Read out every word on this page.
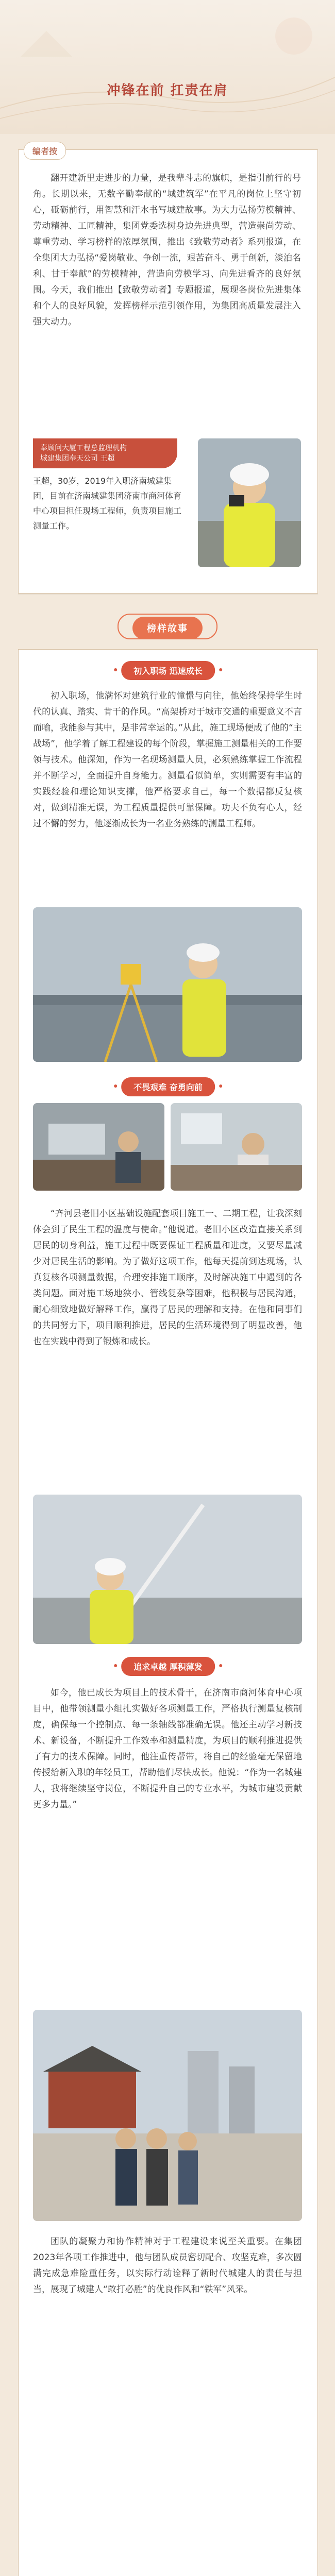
冲锋在前 扛责在肩
编者按
翻开建新里走进步的力量，是我辈斗志的旗帜，是指引前行的号角。长期以来，无数辛勤奉献的“城建筑军”在平凡的岗位上坚守初心，砥砺前行，用智慧和汗水书写城建故事。为大力弘扬劳模精神、劳动精神、工匠精神，集团党委选树身边先进典型，营造崇尚劳动、尊重劳动、学习榜样的浓厚氛围，推出《致敬劳动者》系列报道，在全集团大力弘扬“爱岗敬业、争创一流，艰苦奋斗、勇于创新，淡泊名利、甘于奉献”的劳模精神，营造向劳模学习、向先进看齐的良好氛围。今天，我们推出【致敬劳动者】专题报道，展现各岗位先进集体和个人的良好风貌，发挥榜样示范引领作用，为集团高质量发展注入强大动力。
奉顾问大厦工程总监理机构
城建集团奉天公司 王超
王超，30岁，2019年入职济南城建集团，目前在济南城建集团济南市商河体育中心项目担任现场工程师，负责项目施工测量工作。
榜样故事
初入职场 迅速成长
初入职场，他满怀对建筑行业的憧憬与向往，他始终保持学生时代的认真、踏实、肯干的作风。“高架桥对于城市交通的重要意义不言而喻，我能参与其中，是非常幸运的。”从此，施工现场便成了他的“主战场”，他学着了解工程建设的每个阶段，掌握施工测量相关的工作要领与技术。他深知，作为一名现场测量人员，必须熟练掌握工作流程并不断学习，全面提升自身能力。测量看似简单，实则需要有丰富的实践经验和理论知识支撑，他严格要求自己，每一个数据都反复核对，做到精准无误，为工程质量提供可靠保障。功夫不负有心人，经过不懈的努力，他逐渐成长为一名业务熟练的测量工程师。
不畏艰难 奋勇向前
“齐河县老旧小区基础设施配套项目施工一、二期工程，让我深刻体会到了民生工程的温度与使命。”他说道。老旧小区改造直接关系到居民的切身利益，施工过程中既要保证工程质量和进度，又要尽量减少对居民生活的影响。为了做好这项工作，他每天提前到达现场，认真复核各项测量数据，合理安排施工顺序，及时解决施工中遇到的各类问题。面对施工场地狭小、管线复杂等困难，他积极与居民沟通，耐心细致地做好解释工作，赢得了居民的理解和支持。在他和同事们的共同努力下，项目顺利推进，居民的生活环境得到了明显改善，他也在实践中得到了锻炼和成长。
追求卓越 厚积薄发
如今，他已成长为项目上的技术骨干，在济南市商河体育中心项目中，他带领测量小组扎实做好各项测量工作，严格执行测量复核制度，确保每一个控制点、每一条轴线都准确无误。他还主动学习新技术、新设备，不断提升工作效率和测量精度，为项目的顺利推进提供了有力的技术保障。同时，他注重传帮带，将自己的经验毫无保留地传授给新入职的年轻员工，帮助他们尽快成长。他说：“作为一名城建人，我将继续坚守岗位，不断提升自己的专业水平，为城市建设贡献更多力量。”
团队的凝聚力和协作精神对于工程建设来说至关重要。在集团2023年各项工作推进中，他与团队成员密切配合、攻坚克难，多次圆满完成急难险重任务，以实际行动诠释了新时代城建人的责任与担当，展现了城建人“敢打必胜”的优良作风和“铁军”风采。
